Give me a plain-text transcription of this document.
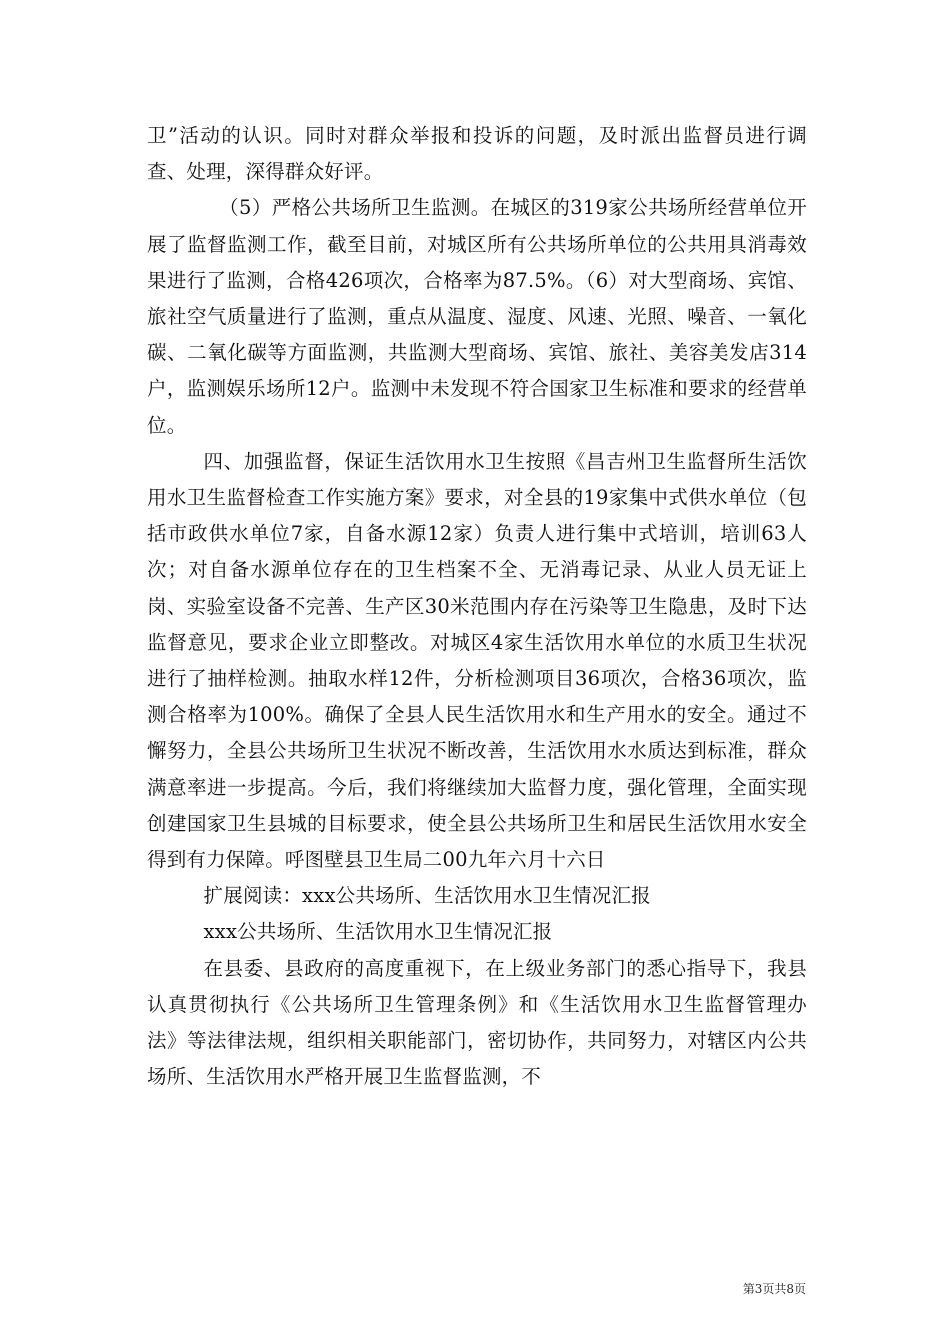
卫”活动的认识。同时对群众举报和投诉的问题，及时派出监督员进行调查、处理，深得群众好评。

（5）严格公共场所卫生监测。在城区的319家公共场所经营单位开展了监督监测工作，截至目前，对城区所有公共场所单位的公共用具消毒效果进行了监测，合格426项次，合格率为87.5%。（6）对大型商场、宾馆、旅社空气质量进行了监测，重点从温度、湿度、风速、光照、噪音、一氧化碳、二氧化碳等方面监测，共监测大型商场、宾馆、旅社、美容美发店314户，监测娱乐场所12户。监测中未发现不符合国家卫生标准和要求的经营单位。

四、加强监督，保证生活饮用水卫生按照《昌吉州卫生监督所生活饮用水卫生监督检查工作实施方案》要求，对全县的19家集中式供水单位（包括市政供水单位7家，自备水源12家）负责人进行集中式培训，培训63人次；对自备水源单位存在的卫生档案不全、无消毒记录、从业人员无证上岗、实验室设备不完善、生产区30米范围内存在污染等卫生隐患，及时下达监督意见，要求企业立即整改。对城区4家生活饮用水单位的水质卫生状况进行了抽样检测。抽取水样12件，分析检测项目36项次，合格36项次，监测合格率为100%。确保了全县人民生活饮用水和生产用水的安全。通过不懈努力，全县公共场所卫生状况不断改善，生活饮用水水质达到标准，群众满意率进一步提高。今后，我们将继续加大监督力度，强化管理，全面实现创建国家卫生县城的目标要求，使全县公共场所卫生和居民生活饮用水安全得到有力保障。呼图壁县卫生局二00九年六月十六日

扩展阅读：xxx公共场所、生活饮用水卫生情况汇报

xxx公共场所、生活饮用水卫生情况汇报

在县委、县政府的高度重视下，在上级业务部门的悉心指导下，我县认真贯彻执行《公共场所卫生管理条例》和《生活饮用水卫生监督管理办法》等法律法规，组织相关职能部门，密切协作，共同努力，对辖区内公共场所、生活饮用水严格开展卫生监督监测，不

第3页共8页
